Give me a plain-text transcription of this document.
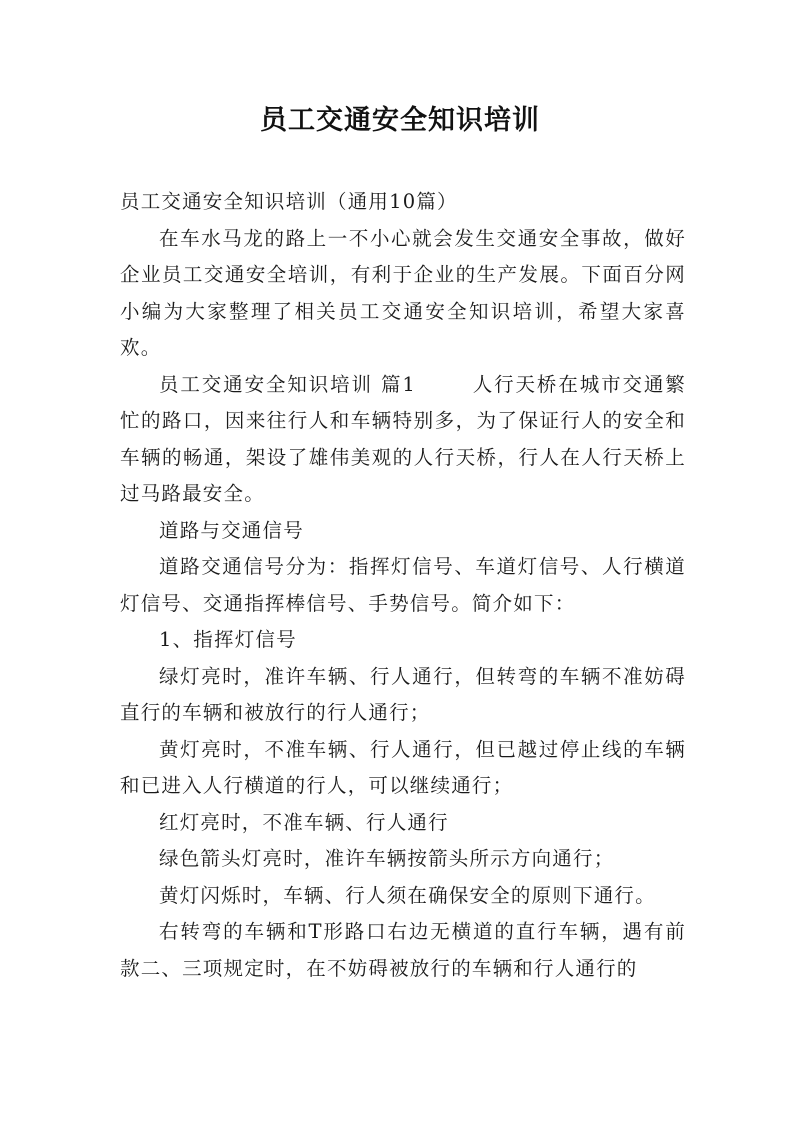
员工交通安全知识培训

员工交通安全知识培训（通用10篇）

在车水马龙的路上一不小心就会发生交通安全事故，做好企业员工交通安全培训，有利于企业的生产发展。下面百分网小编为大家整理了相关员工交通安全知识培训，希望大家喜欢。

员工交通安全知识培训 篇1	人行天桥在城市交通繁忙的路口，因来往行人和车辆特别多，为了保证行人的安全和车辆的畅通，架设了雄伟美观的人行天桥，行人在人行天桥上过马路最安全。

道路与交通信号

道路交通信号分为：指挥灯信号、车道灯信号、人行横道灯信号、交通指挥棒信号、手势信号。简介如下：

1、指挥灯信号

绿灯亮时，准许车辆、行人通行，但转弯的车辆不准妨碍直行的车辆和被放行的行人通行；

黄灯亮时，不准车辆、行人通行，但已越过停止线的车辆和已进入人行横道的行人，可以继续通行；

红灯亮时，不准车辆、行人通行

绿色箭头灯亮时，准许车辆按箭头所示方向通行；

黄灯闪烁时，车辆、行人须在确保安全的原则下通行。

右转弯的车辆和T形路口右边无横道的直行车辆，遇有前款二、三项规定时，在不妨碍被放行的车辆和行人通行的
